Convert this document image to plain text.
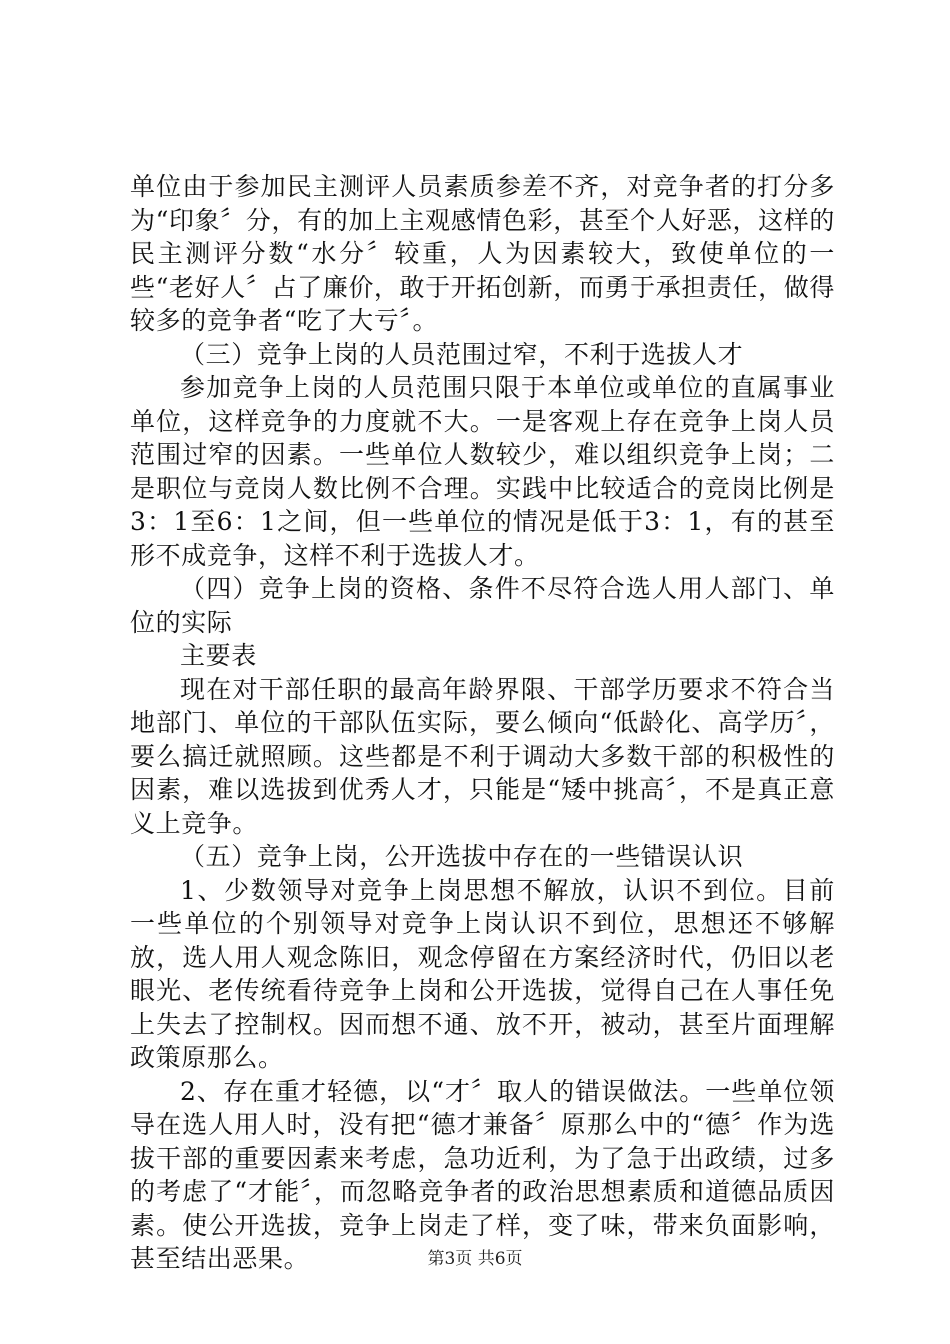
单位由于参加民主测评人员素质参差不齐，对竞争者的打分多为“印象〞分，有的加上主观感情色彩，甚至个人好恶，这样的民主测评分数“水分〞较重，人为因素较大，致使单位的一些“老好人〞占了廉价，敢于开拓创新，而勇于承担责任，做得较多的竞争者“吃了大亏〞。

（三）竞争上岗的人员范围过窄，不利于选拔人才

参加竞争上岗的人员范围只限于本单位或单位的直属事业单位，这样竞争的力度就不大。一是客观上存在竞争上岗人员范围过窄的因素。一些单位人数较少，难以组织竞争上岗；二是职位与竞岗人数比例不合理。实践中比较适合的竞岗比例是3：1至6：1之间，但一些单位的情况是低于3：1，有的甚至形不成竞争，这样不利于选拔人才。

（四）竞争上岗的资格、条件不尽符合选人用人部门、单位的实际

主要表

现在对干部任职的最高年龄界限、干部学历要求不符合当地部门、单位的干部队伍实际，要么倾向“低龄化、高学历〞，要么搞迁就照顾。这些都是不利于调动大多数干部的积极性的因素，难以选拔到优秀人才，只能是“矮中挑高〞，不是真正意义上竞争。

（五）竞争上岗，公开选拔中存在的一些错误认识

1、少数领导对竞争上岗思想不解放，认识不到位。目前一些单位的个别领导对竞争上岗认识不到位，思想还不够解放，选人用人观念陈旧，观念停留在方案经济时代，仍旧以老眼光、老传统看待竞争上岗和公开选拔，觉得自己在人事任免上失去了控制权。因而想不通、放不开，被动，甚至片面理解政策原那么。

2、存在重才轻德，以“才〞取人的错误做法。一些单位领导在选人用人时，没有把“德才兼备〞原那么中的“德〞作为选拔干部的重要因素来考虑，急功近利，为了急于出政绩，过多的考虑了“才能〞，而忽略竞争者的政治思想素质和道德品质因素。使公开选拔，竞争上岗走了样，变了味，带来负面影响，甚至结出恶果。	第3页 共6页
